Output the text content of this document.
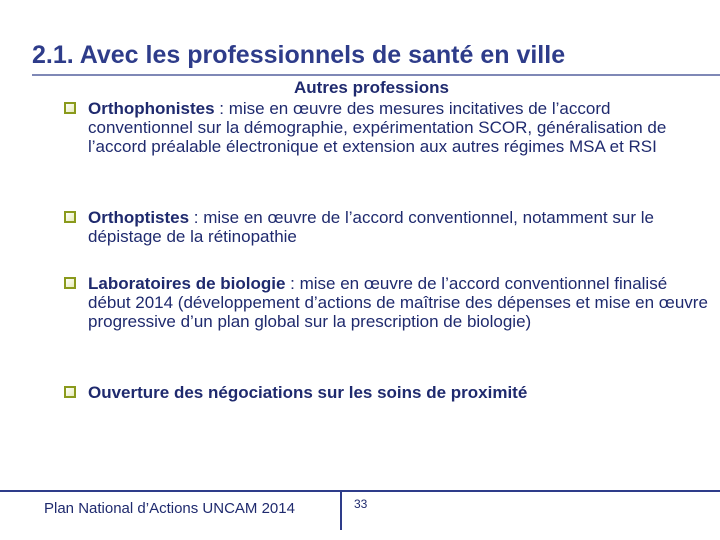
2.1. Avec les professionnels de santé en ville
Autres professions
Orthophonistes : mise en œuvre des mesures incitatives de l’accord conventionnel sur la démographie, expérimentation SCOR, généralisation de l’accord préalable électronique et extension aux autres régimes MSA et RSI
Orthoptistes : mise en œuvre de l’accord conventionnel, notamment sur le dépistage de la rétinopathie
Laboratoires de biologie : mise en œuvre de l’accord conventionnel finalisé début 2014 (développement d’actions de maîtrise des dépenses et mise en œuvre progressive d’un plan global sur la prescription de biologie)
Ouverture des négociations sur les soins de proximité
Plan National d’Actions UNCAM 2014	33
